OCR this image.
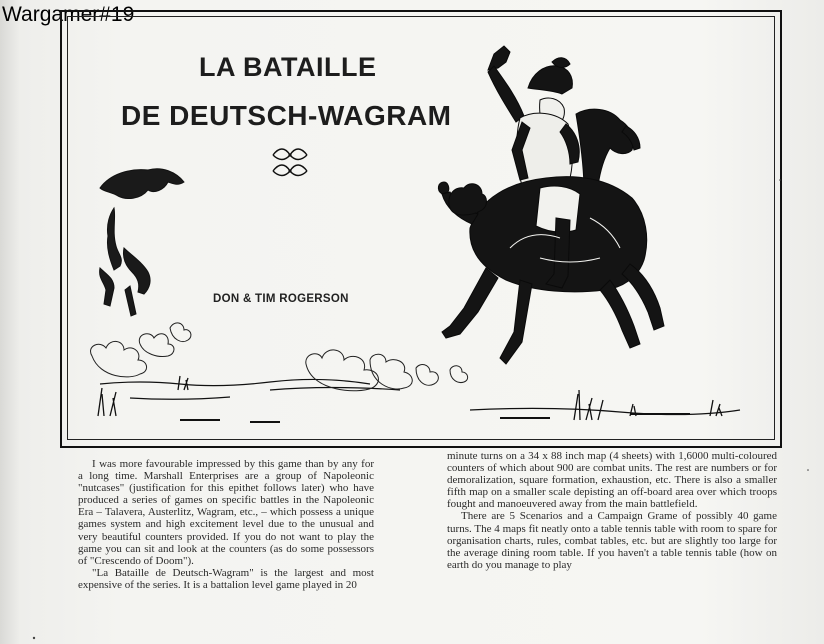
Wargamer#19
LA BATAILLE
DE DEUTSCH-WAGRAM
DON & TIM ROGERSON

I was more favourable impressed by this game than by any for a long time. Marshall Enterprises are a group of Napoleonic "nutcases" (justification for this epithet follows later) who have produced a series of games on specific battles in the Napoleonic Era – Talavera, Austerlitz, Wagram, etc., – which possess a unique games system and high excitement level due to the unusual and very beautiful counters provided. If you do not want to play the game you can sit and look at the counters (as do some possessors of "Crescendo of Doom").

"La Bataille de Deutsch-Wagram" is the largest and most expensive of the series. It is a battalion level game played in 20

minute turns on a 34 x 88 inch map (4 sheets) with 1,6000 multi-coloured counters of which about 900 are combat units. The rest are numbers or for demoralization, square formation, exhaustion, etc. There is also a smaller fifth map on a smaller scale depisting an off-board area over which troops fought and manoeuvered away from the main battlefield.

There are 5 Scenarios and a Campaign Grame of possibly 40 game turns. The 4 maps fit neatly onto a table tennis table with room to spare for organisation charts, rules, combat tables, etc. but are slightly too large for the average dining room table. If you haven't a table tennis table (how on earth do you manage to play
